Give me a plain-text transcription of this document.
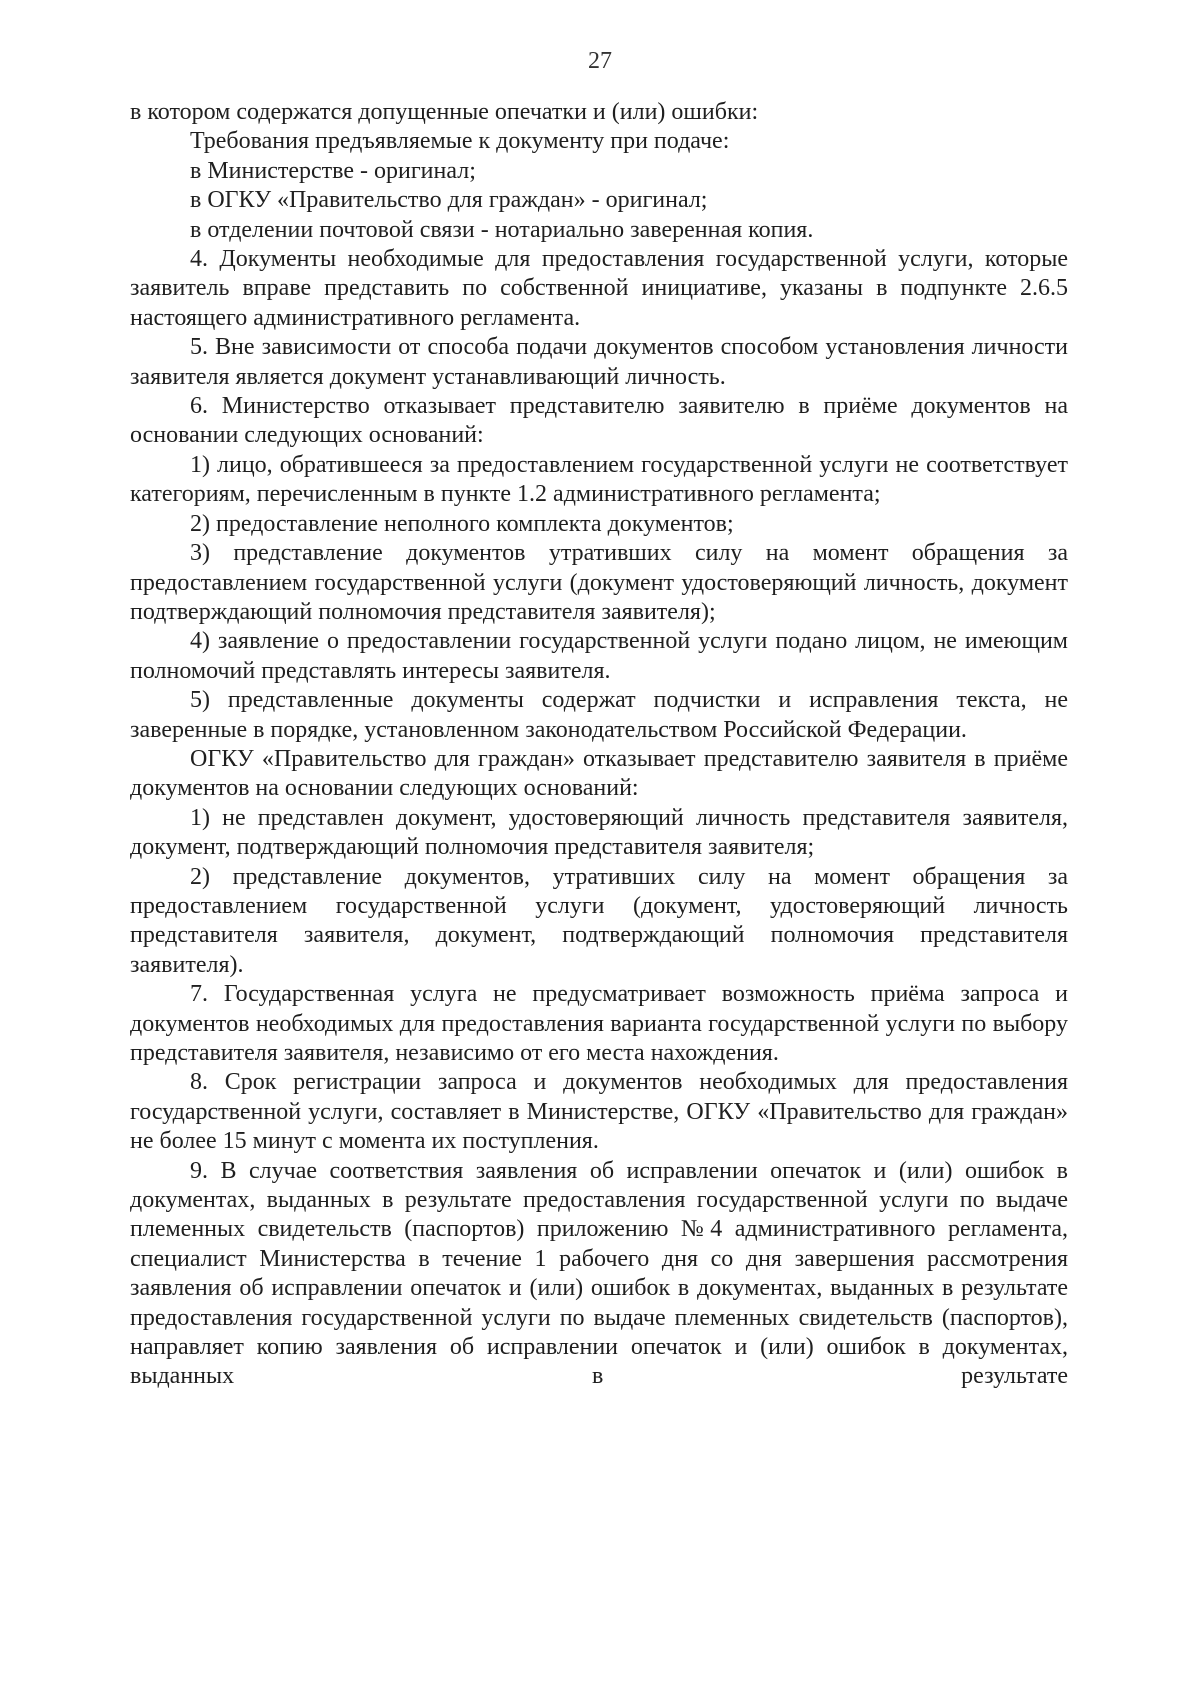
27

в котором содержатся допущенные опечатки и (или) ошибки:

Требования предъявляемые к документу при подаче:

в Министерстве - оригинал;

в ОГКУ «Правительство для граждан» - оригинал;

в отделении почтовой связи - нотариально заверенная копия.

4. Документы необходимые для предоставления государственной услуги, которые заявитель вправе представить по собственной инициативе, указаны в подпункте 2.6.5 настоящего административного регламента.

5. Вне зависимости от способа подачи документов способом установления личности заявителя является документ устанавливающий личность.

6. Министерство отказывает представителю заявителю в приёме документов на основании следующих оснований:

1) лицо, обратившееся за предоставлением государственной услуги не соответствует категориям, перечисленным в пункте 1.2 административного регламента;

2) предоставление неполного комплекта документов;

3) представление документов утративших силу на момент обращения за предоставлением государственной услуги (документ удостоверяющий личность, документ подтверждающий полномочия представителя заявителя);

4) заявление о предоставлении государственной услуги подано лицом, не имеющим полномочий представлять интересы заявителя.

5) представленные документы содержат подчистки и исправления текста, не заверенные в порядке, установленном законодательством Российской Федерации.

ОГКУ «Правительство для граждан» отказывает представителю заявителя в приёме документов на основании следующих оснований:

1) не представлен документ, удостоверяющий личность представителя заявителя, документ, подтверждающий полномочия представителя заявителя;

2) представление документов, утративших силу на момент обращения за предоставлением государственной услуги (документ, удостоверяющий личность представителя заявителя, документ, подтверждающий полномочия представителя заявителя).

7. Государственная услуга не предусматривает возможность приёма запроса и документов необходимых для предоставления варианта государственной услуги по выбору представителя заявителя, независимо от его места нахождения.

8. Срок регистрации запроса и документов необходимых для предоставления государственной услуги, составляет в Министерстве, ОГКУ «Правительство для граждан» не более 15 минут с момента их поступления.

9. В случае соответствия заявления об исправлении опечаток и (или) ошибок в документах, выданных в результате предоставления государственной услуги по выдаче племенных свидетельств (паспортов) приложению №4 административного регламента, специалист Министерства в течение 1 рабочего дня со дня завершения рассмотрения заявления об исправлении опечаток и (или) ошибок в документах, выданных в результате предоставления государственной услуги по выдаче племенных свидетельств (паспортов), направляет копию заявления об исправлении опечаток и (или) ошибок в документах, выданных в результате
